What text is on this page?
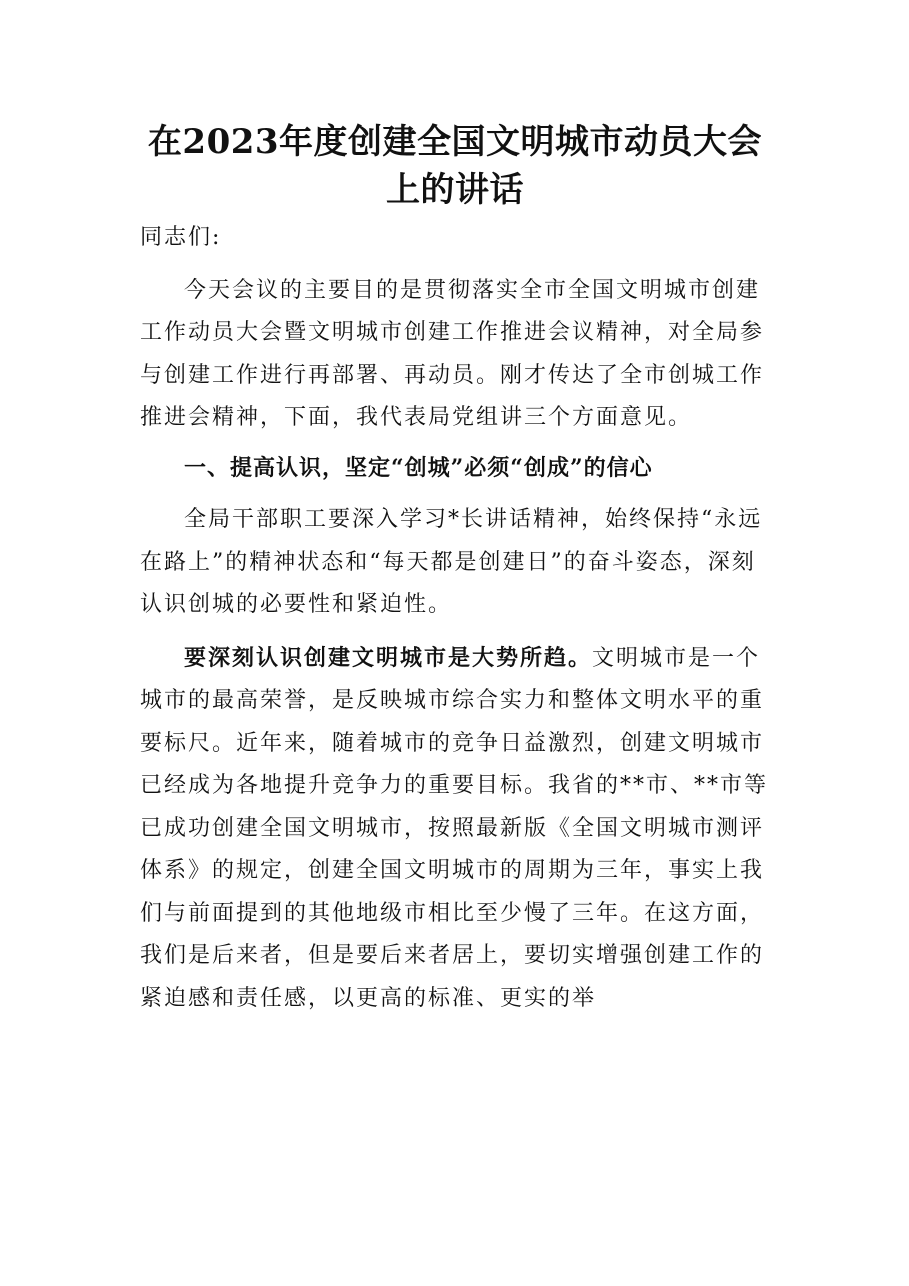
在2023年度创建全国文明城市动员大会
上的讲话

同志们:

今天会议的主要目的是贯彻落实全市全国文明城市创建工作动员大会暨文明城市创建工作推进会议精神，对全局参与创建工作进行再部署、再动员。刚才传达了全市创城工作推进会精神，下面，我代表局党组讲三个方面意见。

一、提高认识，坚定“创城”必须“创成”的信心

全局干部职工要深入学习*长讲话精神，始终保持“永远在路上”的精神状态和“每天都是创建日”的奋斗姿态，深刻认识创城的必要性和紧迫性。

要深刻认识创建文明城市是大势所趋。文明城市是一个城市的最高荣誉，是反映城市综合实力和整体文明水平的重要标尺。近年来，随着城市的竞争日益激烈，创建文明城市已经成为各地提升竞争力的重要目标。我省的**市、**市等已成功创建全国文明城市，按照最新版《全国文明城市测评体系》的规定，创建全国文明城市的周期为三年，事实上我们与前面提到的其他地级市相比至少慢了三年。在这方面，我们是后来者，但是要后来者居上，要切实增强创建工作的紧迫感和责任感，以更高的标准、更实的举
